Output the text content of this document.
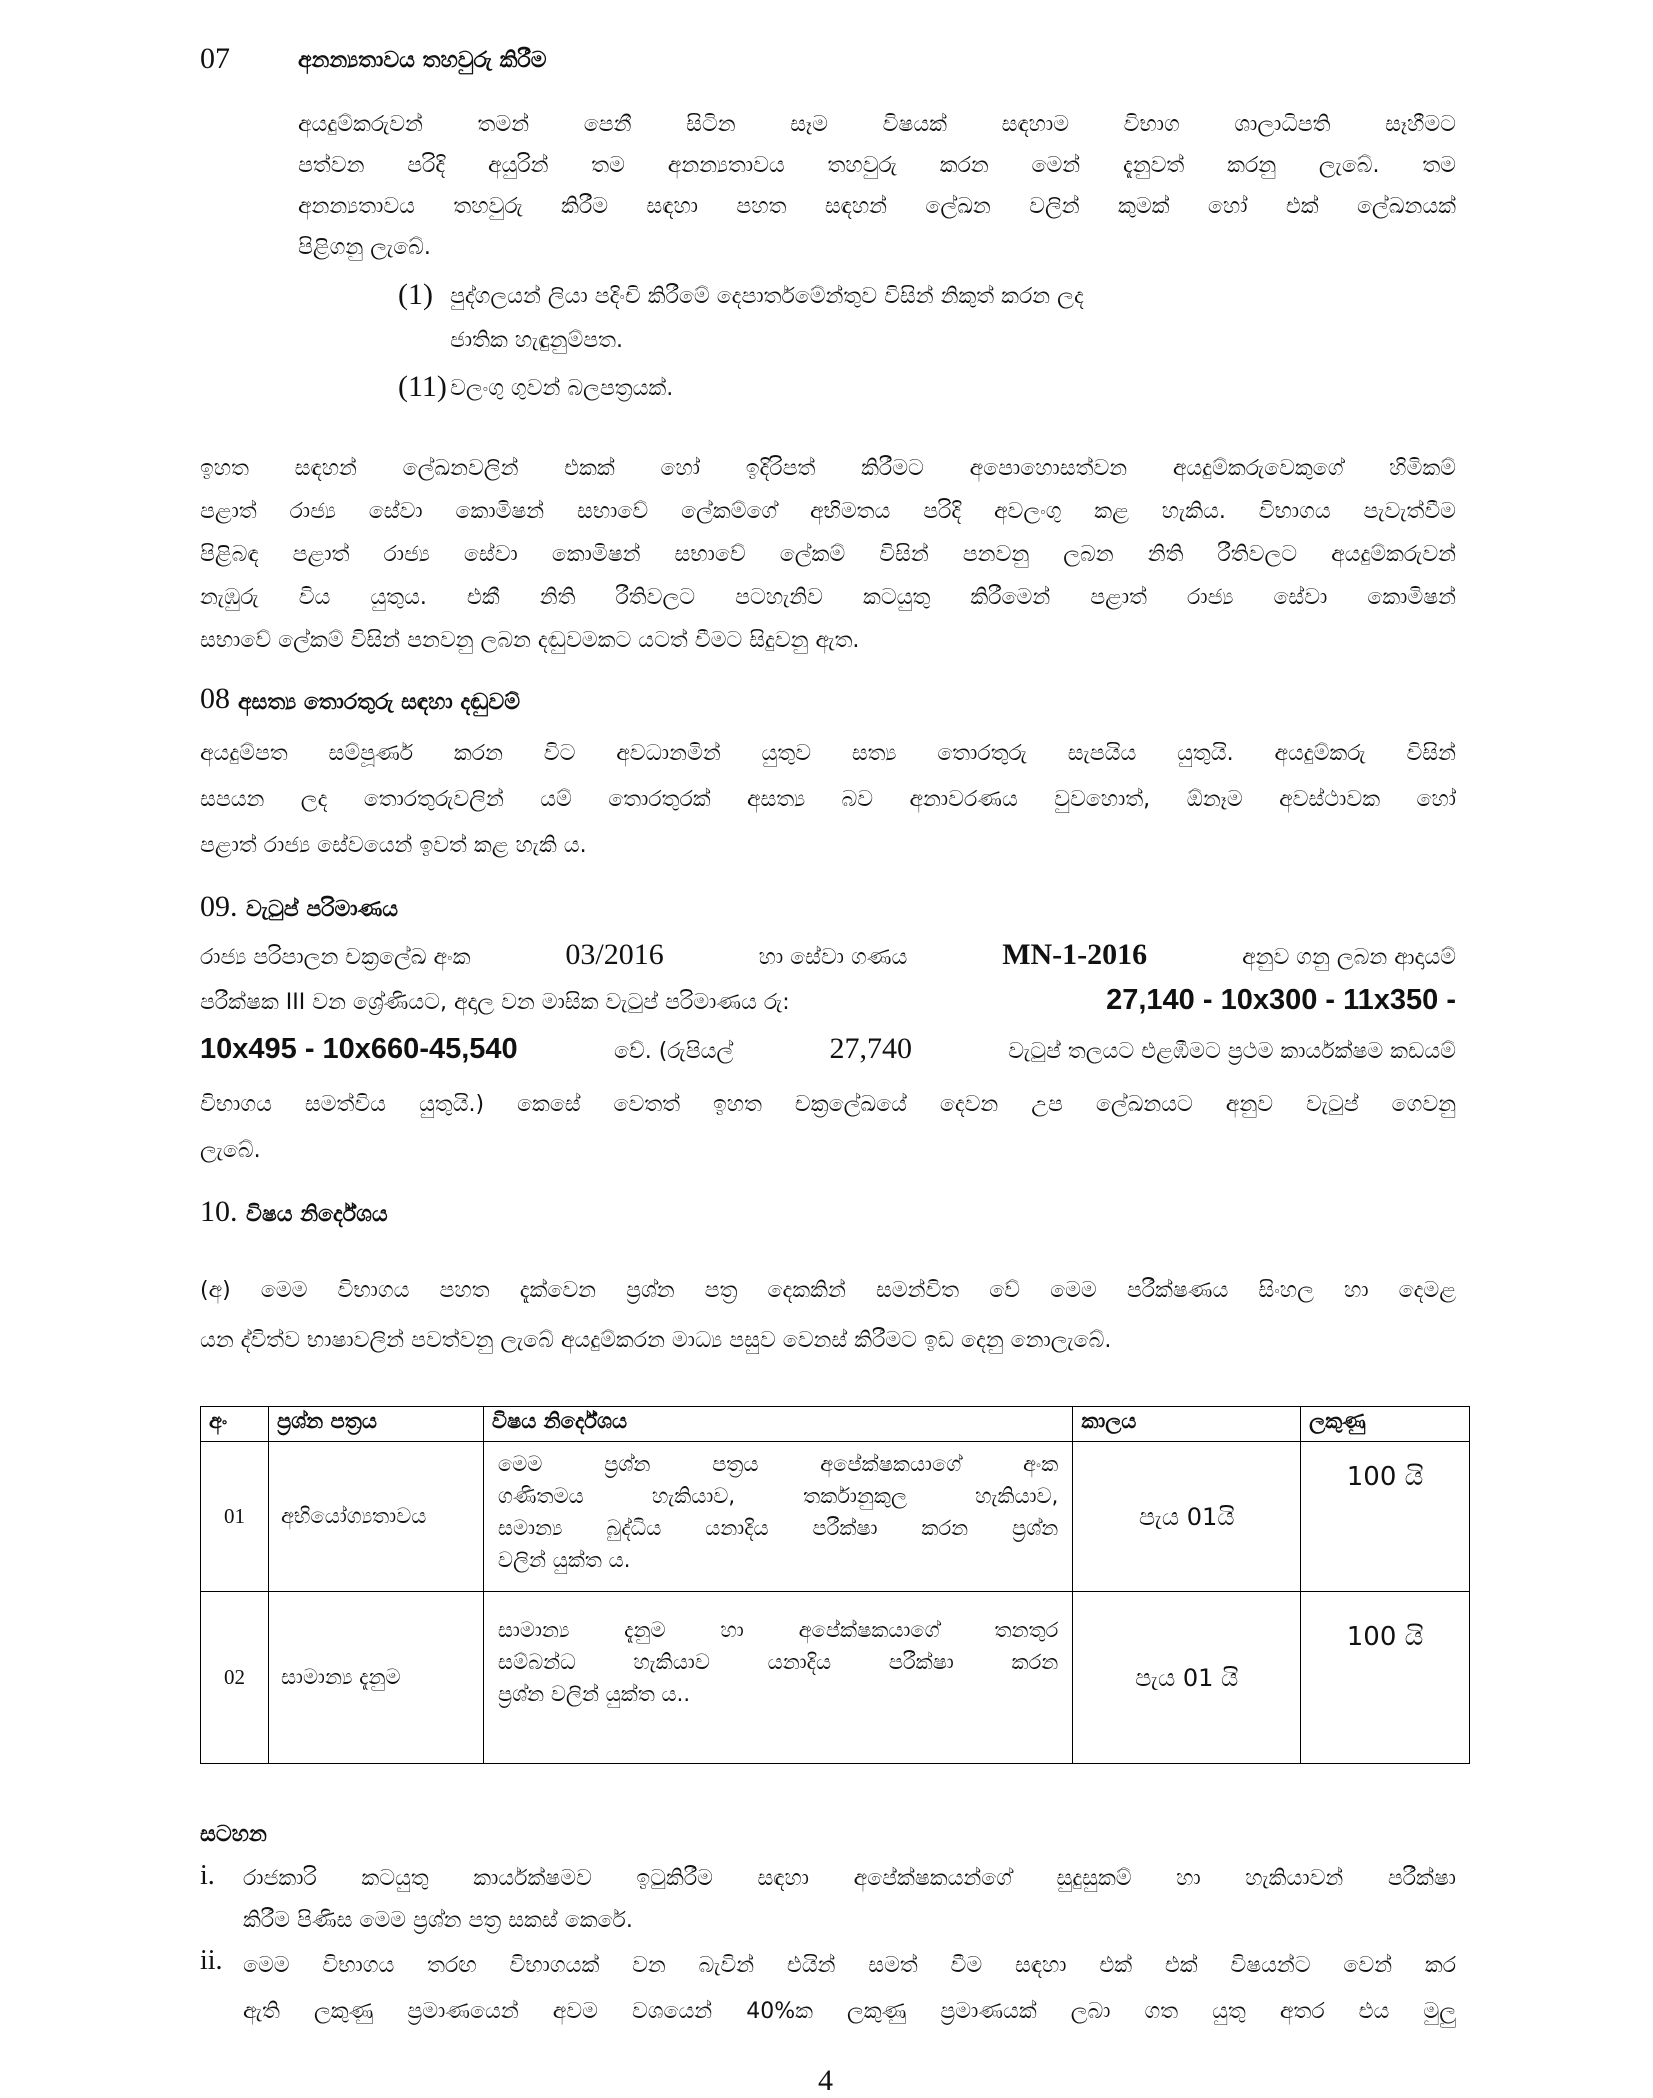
07	අනන්‍යතාවය තහවුරු කිරීම
අයදුම්කරුවන් තමන් පෙනී සිටින සෑම විෂයක් සඳහාම විභාග ශාලාධිපති සෑහීමට
පත්වන පරිදි අයුරින් තම අනන්‍යතාවය තහවුරු කරන මෙන් දැනුවත් කරනු ලැබේ. තම
අනන්‍යතාවය තහවුරු කිරීම සඳහා පහත සඳහන් ලේඛන වලින් කුමක් හෝ එක් ලේඛනයක්
පිළිගනු ලැබේ.
(1) පුද්ගලයන් ලියා පදිංචි කිරීමේ දෙපාර්තමේන්තුව විසින් නිකුත් කරන ලද
ජාතික හැඳුනුම්පත.
(11) වලංගු ගුවන් බලපත්‍රයක්.
ඉහත සඳහන් ලේඛනවලින් එකක් හෝ ඉදිරිපත් කිරීමට අපොහොසත්වන අයදුම්කරුවෙකුගේ හිමිකම්
පළාත් රාජ්‍ය සේවා කොමිෂන් සභාවේ ලේකම්ගේ අභිමතය පරිදි අවලංගු කළ හැකිය. විභාගය පැවැත්වීම
පිළිබඳ පළාත් රාජ්‍ය සේවා කොමිෂන් සභාවේ ලේකම් විසින් පනවනු ලබන නිති රීතිවලට අයදුම්කරුවන්
නැඹුරු විය යුතුය. එකී නිති රීතිවලට පටහැනිව කටයුතු කිරීමෙන් පළාත් රාජ්‍ය සේවා කොමිෂන්
සභාවේ ලේකම් විසින් පනවනු ලබන දඬුවමකට යටත් වීමට සිදුවනු ඇත.
08 අසත්‍ය තොරතුරු සඳහා දඬුවම්
අයදුම්පත සම්පූර්ණ කරන විට අවධානමින් යුතුව සත්‍ය තොරතුරු සැපයිය යුතුයි. අයදුම්කරු විසින්
සපයන ලද තොරතුරුවලින් යම් තොරතුරක් අසත්‍ය බව අනාවරණය වුවහොත්, ඕනෑම අවස්ථාවක හෝ
පළාත් රාජ්‍ය සේවයෙන් ඉවත් කළ හැකි ය.
09. වැටුප් පරිමාණය
රාජ්‍ය පරිපාලන චක්‍රලේඛ අංක	03/2016	හා සේවා ගණය	MN-1-2016	අනුව ගනු ලබන ආදායම්
පරීක්ෂක III වන ශ්‍රේණියට, අදාල වන මාසික වැටුප් පරිමාණය රු:	27,140 - 10x300 - 11x350 -
10x495 - 10x660-45,540	වේ. (රුපියල්	27,740	වැටුප් තලයට එළඹීමට ප්‍රථම කාර්යක්ෂම කඩයම්
විභාගය සමත්විය යුතුයි.) කෙසේ වෙතත් ඉහත චක්‍රලේඛයේ දෙවන උප ලේඛනයට අනුව වැටුප් ගෙවනු
ලැබේ.
10. විෂය නිර්දේශය
(අ) මෙම විභාගය පහත දැක්වෙන ප්‍රශ්න පත්‍ර දෙකකින් සමන්විත වේ මෙම පරීක්ෂණය සිංහල හා දෙමළ
යන ද්විත්ව භාෂාවලින් පවත්වනු ලැබේ අයදුම්කරන මාධ්‍ය පසුව වෙනස් කිරීමට ඉඩ දෙනු නොලැබේ.
අං	ප්‍රශ්න පත්‍රය	විෂය නිර්දේශය	කාලය	ලකුණු
01	අභියෝග්‍යතාවය	මෙම ප්‍රශ්න පත්‍රය අපේක්ෂකයාගේ අංක
ගණිතමය හැකියාව, තර්කානුකුල හැකියාව,
සමාන්‍ය බුද්ධිය යනාදිය පරීක්ෂා කරන ප්‍රශ්න
වලින් යුක්ත ය.	පැය 01යි	100 යි
02	සාමාන්‍ය දැනුම	සාමාන්‍ය දැනුම හා අපේක්ෂකයාගේ තනතුර
සම්බන්ධ හැකියාව යනාදිය පරීක්ෂා කරන
ප්‍රශ්න වලින් යුක්ත ය..	පැය 01 යි	100 යි
සටහන
i. රාජකාරි කටයුතු කාර්යක්ෂමව ඉටුකිරීම සඳහා අපේක්ෂකයන්ගේ සුදුසුකම් හා හැකියාවන් පරීක්ෂා
කිරීම පිණිස මෙම ප්‍රශ්න පත්‍ර සකස් කෙරේ.
ii. මෙම විභාගය තරඟ විභාගයක් වන බැවින් එයින් සමත් වීම සඳහා එක් එක් විෂයන්ට වෙන් කර
ඇති ලකුණු ප්‍රමාණයෙන් අවම වශයෙන් 40%ක ලකුණු ප්‍රමාණයක් ලබා ගත යුතු අතර එය මුලු
4
